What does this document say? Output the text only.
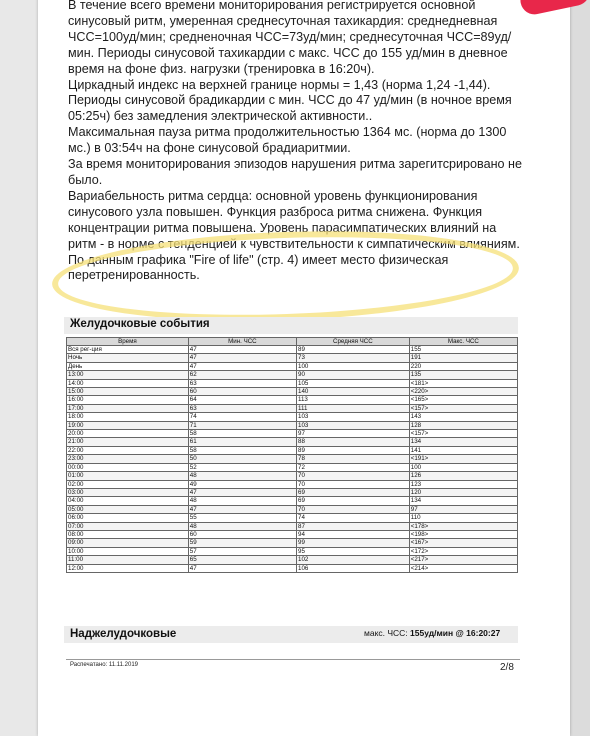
В течение всего времени мониторирования регистрируется основной синусовый ритм, умеренная среднесуточная тахикардия: среднедневная ЧСС=100уд/мин; средненочная ЧСС=73уд/мин; среднесуточная ЧСС=89уд/мин. Периоды синусовой тахикардии с макс. ЧСС до 155 уд/мин в дневное время на фоне физ. нагрузки (тренировка в 16:20ч).

Циркадный индекс на верхней границе нормы = 1,43 (норма 1,24 -1,44).

Периоды синусовой брадикардии с мин. ЧСС до 47 уд/мин (в ночное время 05:25ч) без замедления электрической активности..

Максимальная пауза ритма продолжительностью 1364 мс. (норма до 1300 мс.) в 03:54ч на фоне синусовой брадиаритмии.

За время мониторирования эпизодов нарушения ритма зарегитсрировано не было.

Вариабельность ритма сердца: основной уровень функционирования синусового узла повышен. Функция разброса ритма снижена. Функция концентрации ритма повышена. Уровень парасимпатических влияний на ритм - в норме с тенденцией к чувствительности к симпатическим влияниям.

По данным графика "Fire of life" (стр. 4) имеет место физическая перетренированность.

Желудочковые события
Время	Мин. ЧСС	Средняя ЧСС	Макс. ЧСС
Вся рег-ция	47	89	155
Ночь	47	73	191
День	47	100	220
13:00	62	90	135
14:00	63	105	<181>
15:00	60	140	<220>
16:00	64	113	<165>
17:00	63	111	<157>
18:00	74	103	143
19:00	71	103	128
20:00	58	97	<157>
21:00	61	88	134
22:00	58	89	141
23:00	50	78	<191>
00:00	52	72	100
01:00	48	70	126
02:00	49	70	123
03:00	47	69	120
04:00	48	69	134
05:00	47	70	97
06:00	55	74	110
07:00	48	87	<178>
08:00	60	94	<198>
09:00	59	99	<167>
10:00	57	95	<172>
11:00	65	102	<217>
12:00	47	106	<214>
Наджелудочковые	макс. ЧСС: 155уд/мин @ 16:20:27
Распечатано: 11.11.2019	2/8
